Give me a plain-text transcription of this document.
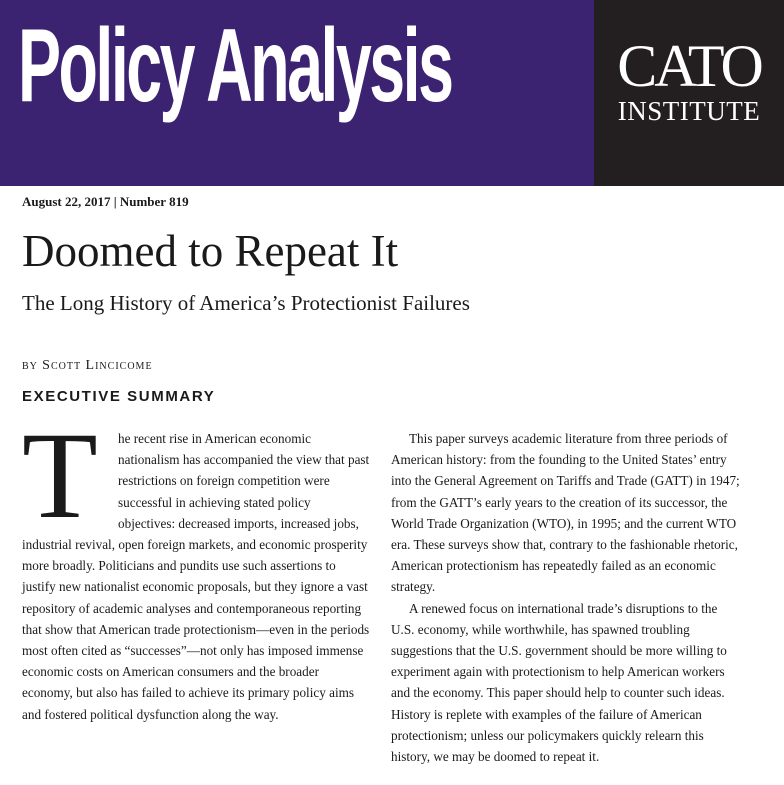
Policy Analysis	CATO
INSTITUTE
August 22, 2017 | Number 819
Doomed to Repeat It
The Long History of America’s Protectionist Failures
by Scott Lincicome
EXECUTIVE SUMMARY

T	he recent rise in American economic nationalism has accompanied the view that past restrictions on foreign competition were successful in achieving stated policy objectives: decreased imports, increased jobs, industrial revival, open foreign markets, and economic prosperity more broadly. Politicians and pundits use such assertions to justify new nationalist economic proposals, but they ignore a vast repository of academic analyses and contemporaneous reporting that show that American trade protectionism—even in the periods most often cited as “successes”—not only has imposed immense economic costs on American consumers and the broader economy, but also has failed to achieve its primary policy aims and fostered political dysfunction along the way.

This paper surveys academic literature from three periods of American history: from the founding to the United States’ entry into the General Agreement on Tariffs and Trade (GATT) in 1947; from the GATT’s early years to the creation of its successor, the World Trade Organization (WTO), in 1995; and the current WTO era. These surveys show that, contrary to the fashionable rhetoric, American protectionism has repeatedly failed as an economic strategy.

A renewed focus on international trade’s disruptions to the U.S. economy, while worthwhile, has spawned troubling suggestions that the U.S. government should be more willing to experiment again with protectionism to help American workers and the economy. This paper should help to counter such ideas. History is replete with examples of the failure of American protectionism; unless our policymakers quickly relearn this history, we may be doomed to repeat it.
